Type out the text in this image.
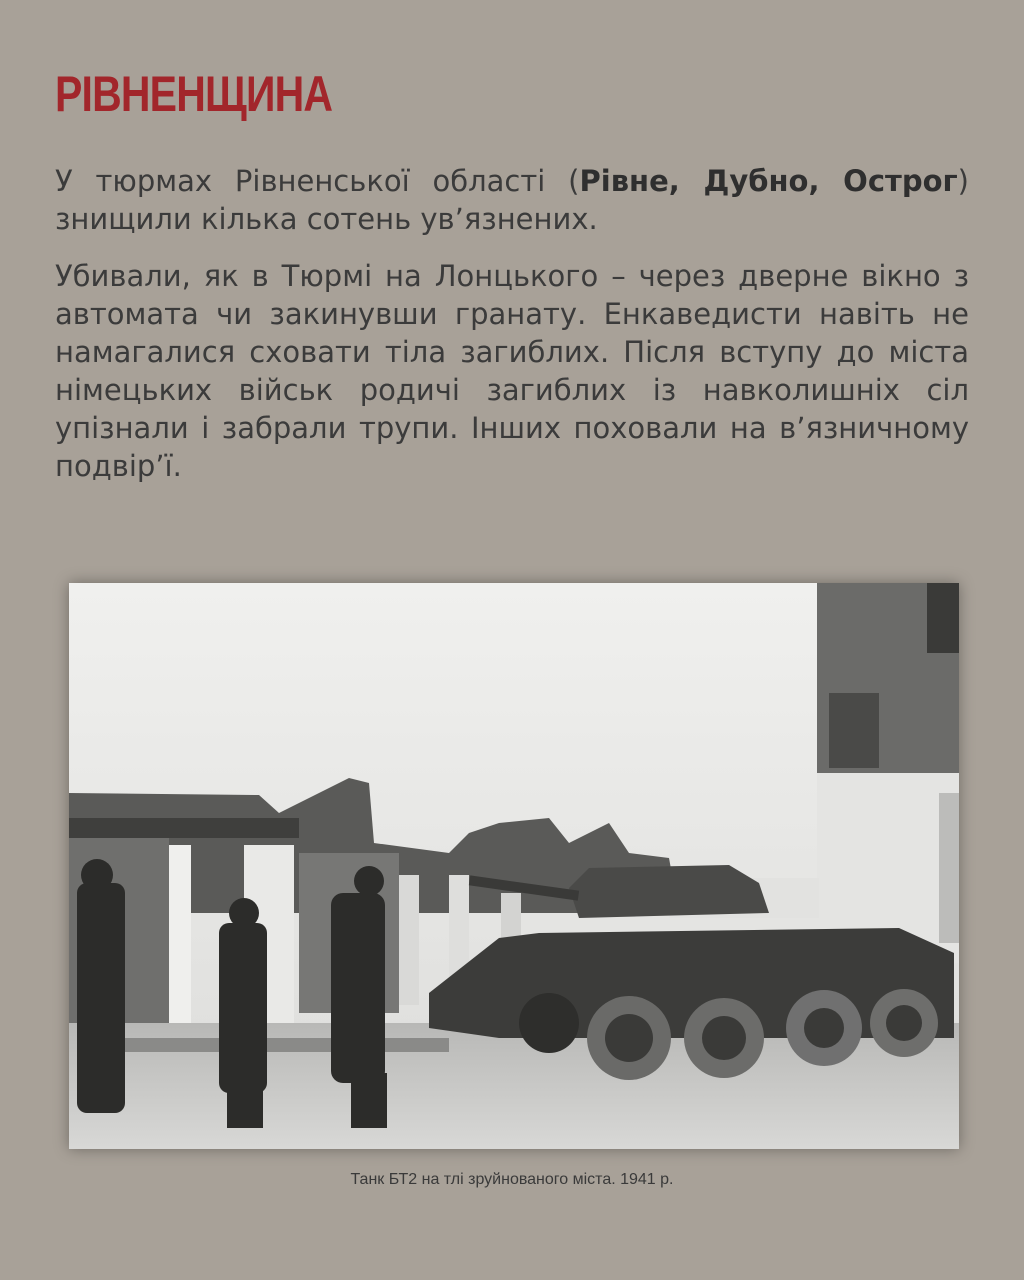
РІВНЕНЩИНА
У тюрмах Рівненської області (Рівне, Дубно, Острог) знищили кілька сотень ув’язнених.
Убивали, як в Тюрмі на Лонцького – через дверне вікно з автомата чи закинувши гранату. Енкаведисти навіть не намагалися сховати тіла загиблих. Після вступу до міста німецьких військ родичі загиблих із навколишніх сіл упізнали і забрали трупи. Інших поховали на в’язничному подвір’ї.
Танк БТ2 на тлі зруйнованого міста. 1941 р.
